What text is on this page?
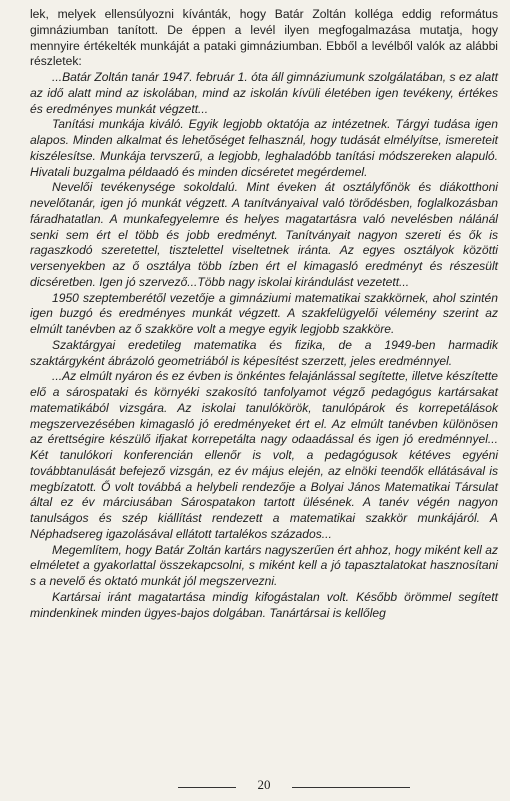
lek, melyek ellensúlyozni kívánták, hogy Batár Zoltán kolléga eddig református gimnáziumban tanított. De éppen a levél ilyen megfogalmazása mutatja, hogy mennyire értékelték munkáját a pataki gimnáziumban. Ebből a levélből valók az alábbi részletek:

...Batár Zoltán tanár 1947. február 1. óta áll gimnáziumunk szolgálatában, s ez alatt az idő alatt mind az iskolában, mind az iskolán kívüli életében igen tevékeny, értékes és eredményes munkát végzett...

Tanítási munkája kiváló. Egyik legjobb oktatója az intézetnek. Tárgyi tudása igen alapos. Minden alkalmat és lehetőséget felhasznál, hogy tudását elmélyítse, ismereteit kiszélesítse. Munkája tervszerű, a legjobb, leghaladóbb tanítási módszereken alapuló. Hivatali buzgalma példaadó és minden dicséretet megérdemel.

Nevelői tevékenysége sokoldalú. Mint éveken át osztályfőnök és diákotthoni nevelőtanár, igen jó munkát végzett. A tanítványaival való törődésben, foglalkozásban fáradhatatlan. A munkafegyelemre és helyes magatartásra való nevelésben nálánál senki sem ért el több és jobb eredményt. Tanítványait nagyon szereti és ők is ragaszkodó szeretettel, tisztelettel viseltetnek iránta. Az egyes osztályok közötti versenyekben az ő osztálya több ízben ért el kimagasló eredményt és részesült dicséretben. Igen jó szervező...Több nagy iskolai kirándulást vezetett...

1950 szeptemberétől vezetője a gimnáziumi matematikai szakkörnek, ahol szintén igen buzgó és eredményes munkát végzett. A szakfelügyelői vélemény szerint az elmúlt tanévben az ő szakköre volt a megye egyik legjobb szakköre.

Szaktárgyai eredetileg matematika és fizika, de a 1949-ben harmadik szaktárgyként ábrázoló geometriából is képesítést szerzett, jeles eredménnyel.

...Az elmúlt nyáron és ez évben is önkéntes felajánlással segítette, illetve készítette elő a sárospataki és környéki szakosító tanfolyamot végző pedagógus kartársakat matematikából vizsgára. Az iskolai tanulókörök, tanulópárok és korrepetálások megszervezésében kimagasló jó eredményeket ért el. Az elmúlt tanévben különösen az érettségire készülő ifjakat korrepetálta nagy odaadással és igen jó eredménnyel... Két tanulókori konferencián ellenőr is volt, a pedagógusok kétéves egyéni továbbtanulását befejező vizsgán, ez év május elején, az elnöki teendők ellátásával is megbízatott. Ő volt továbbá a helybeli rendezője a Bolyai János Matematikai Társulat által ez év márciusában Sárospatakon tartott ülésének. A tanév végén nagyon tanulságos és szép kiállítást rendezett a matematikai szakkör munkájáról. A Néphadsereg igazolásával ellátott tartalékos százados...

Megemlítem, hogy Batár Zoltán kartárs nagyszerűen ért ahhoz, hogy miként kell az elméletet a gyakorlattal összekapcsolni, s miként kell a jó tapasztalatokat hasznosítani s a nevelő és oktató munkát jól megszervezni.

Kartársai iránt magatartása mindig kifogástalan volt. Később örömmel segített mindenkinek minden ügyes-bajos dolgában. Tanártársai is kellőleg

20
